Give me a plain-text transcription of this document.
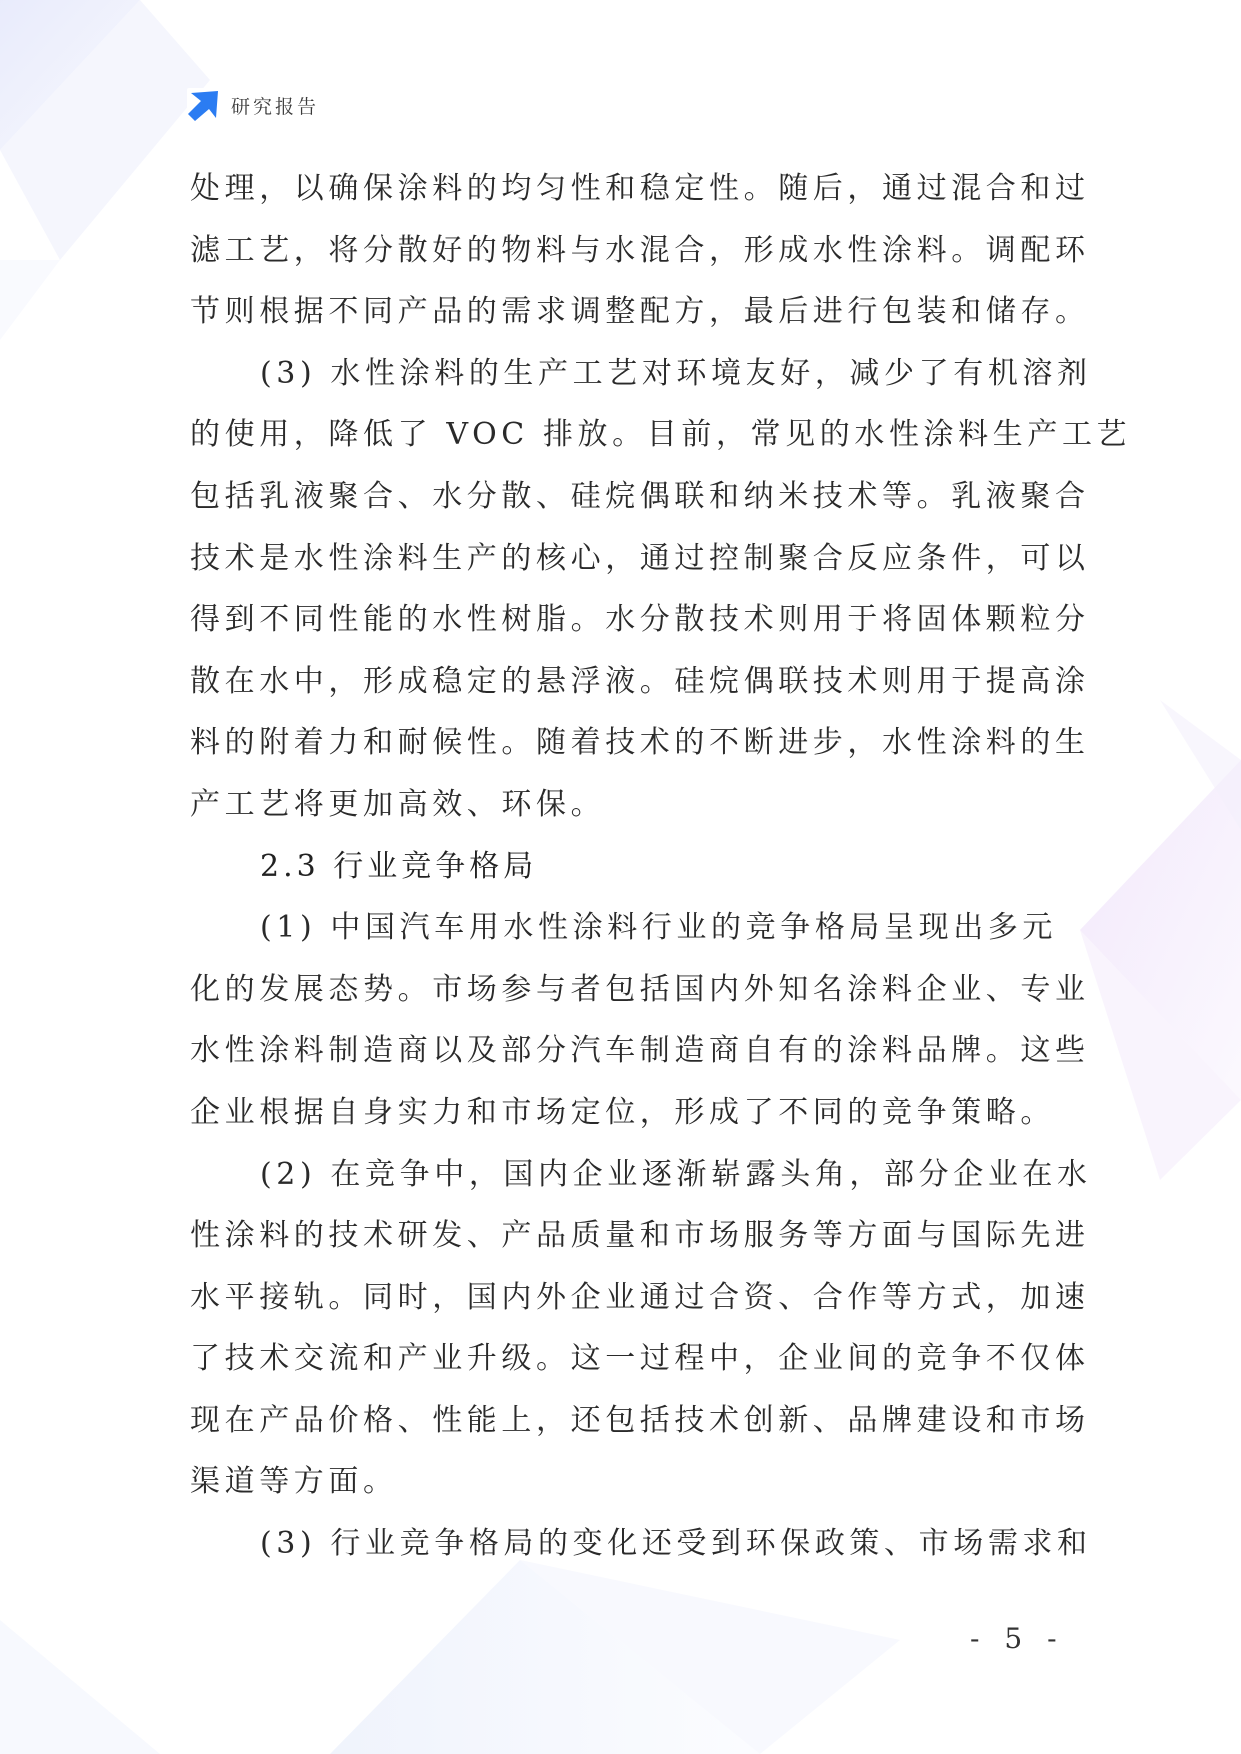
研究报告
处理，以确保涂料的均匀性和稳定性。随后，通过混合和过
滤工艺，将分散好的物料与水混合，形成水性涂料。调配环
节则根据不同产品的需求调整配方，最后进行包装和储存。
(3) 水性涂料的生产工艺对环境友好，减少了有机溶剂
的使用，降低了 VOC 排放。目前，常见的水性涂料生产工艺
包括乳液聚合、水分散、硅烷偶联和纳米技术等。乳液聚合
技术是水性涂料生产的核心，通过控制聚合反应条件，可以
得到不同性能的水性树脂。水分散技术则用于将固体颗粒分
散在水中，形成稳定的悬浮液。硅烷偶联技术则用于提高涂
料的附着力和耐候性。随着技术的不断进步，水性涂料的生
产工艺将更加高效、环保。
2.3 行业竞争格局
(1) 中国汽车用水性涂料行业的竞争格局呈现出多元
化的发展态势。市场参与者包括国内外知名涂料企业、专业
水性涂料制造商以及部分汽车制造商自有的涂料品牌。这些
企业根据自身实力和市场定位，形成了不同的竞争策略。
(2) 在竞争中，国内企业逐渐崭露头角，部分企业在水
性涂料的技术研发、产品质量和市场服务等方面与国际先进
水平接轨。同时，国内外企业通过合资、合作等方式，加速
了技术交流和产业升级。这一过程中，企业间的竞争不仅体
现在产品价格、性能上，还包括技术创新、品牌建设和市场
渠道等方面。
(3) 行业竞争格局的变化还受到环保政策、市场需求和
- 5 -
